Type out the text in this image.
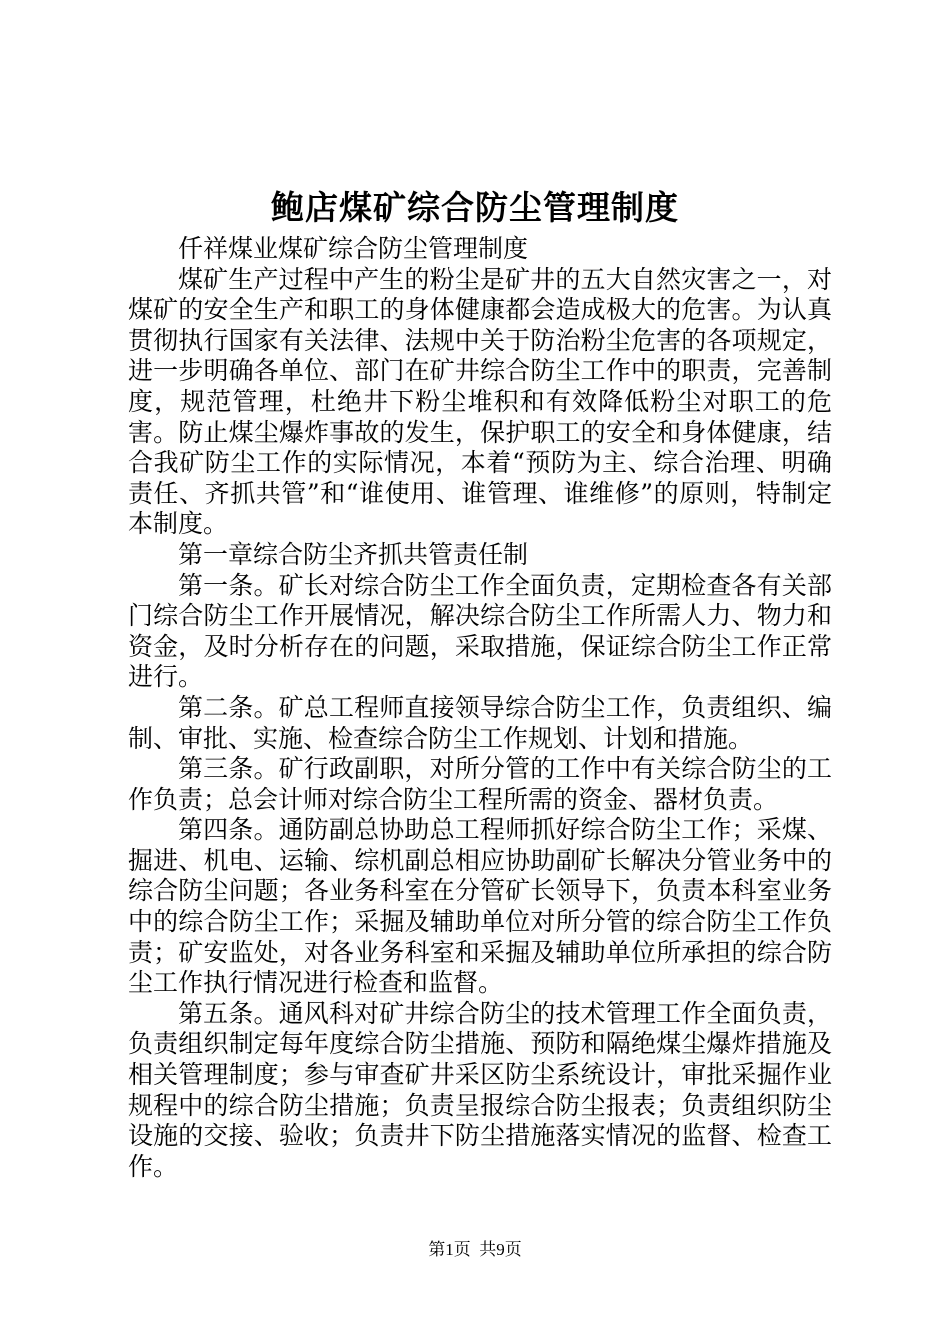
鲍店煤矿综合防尘管理制度

仟祥煤业煤矿综合防尘管理制度

煤矿生产过程中产生的粉尘是矿井的五大自然灾害之一，对煤矿的安全生产和职工的身体健康都会造成极大的危害。为认真贯彻执行国家有关法律、法规中关于防治粉尘危害的各项规定，进一步明确各单位、部门在矿井综合防尘工作中的职责，完善制度，规范管理，杜绝井下粉尘堆积和有效降低粉尘对职工的危害。防止煤尘爆炸事故的发生，保护职工的安全和身体健康，结合我矿防尘工作的实际情况，本着“预防为主、综合治理、明确责任、齐抓共管”和“谁使用、谁管理、谁维修”的原则，特制定本制度。

第一章综合防尘齐抓共管责任制

第一条。矿长对综合防尘工作全面负责，定期检查各有关部门综合防尘工作开展情况，解决综合防尘工作所需人力、物力和资金，及时分析存在的问题，采取措施，保证综合防尘工作正常进行。

第二条。矿总工程师直接领导综合防尘工作，负责组织、编制、审批、实施、检查综合防尘工作规划、计划和措施。

第三条。矿行政副职，对所分管的工作中有关综合防尘的工作负责；总会计师对综合防尘工程所需的资金、器材负责。

第四条。通防副总协助总工程师抓好综合防尘工作；采煤、掘进、机电、运输、综机副总相应协助副矿长解决分管业务中的综合防尘问题；各业务科室在分管矿长领导下，负责本科室业务中的综合防尘工作；采掘及辅助单位对所分管的综合防尘工作负责；矿安监处，对各业务科室和采掘及辅助单位所承担的综合防尘工作执行情况进行检查和监督。

第五条。通风科对矿井综合防尘的技术管理工作全面负责，负责组织制定每年度综合防尘措施、预防和隔绝煤尘爆炸措施及相关管理制度；参与审查矿井采区防尘系统设计，审批采掘作业规程中的综合防尘措施；负责呈报综合防尘报表；负责组织防尘设施的交接、验收；负责井下防尘措施落实情况的监督、检查工作。

第1页 共9页
